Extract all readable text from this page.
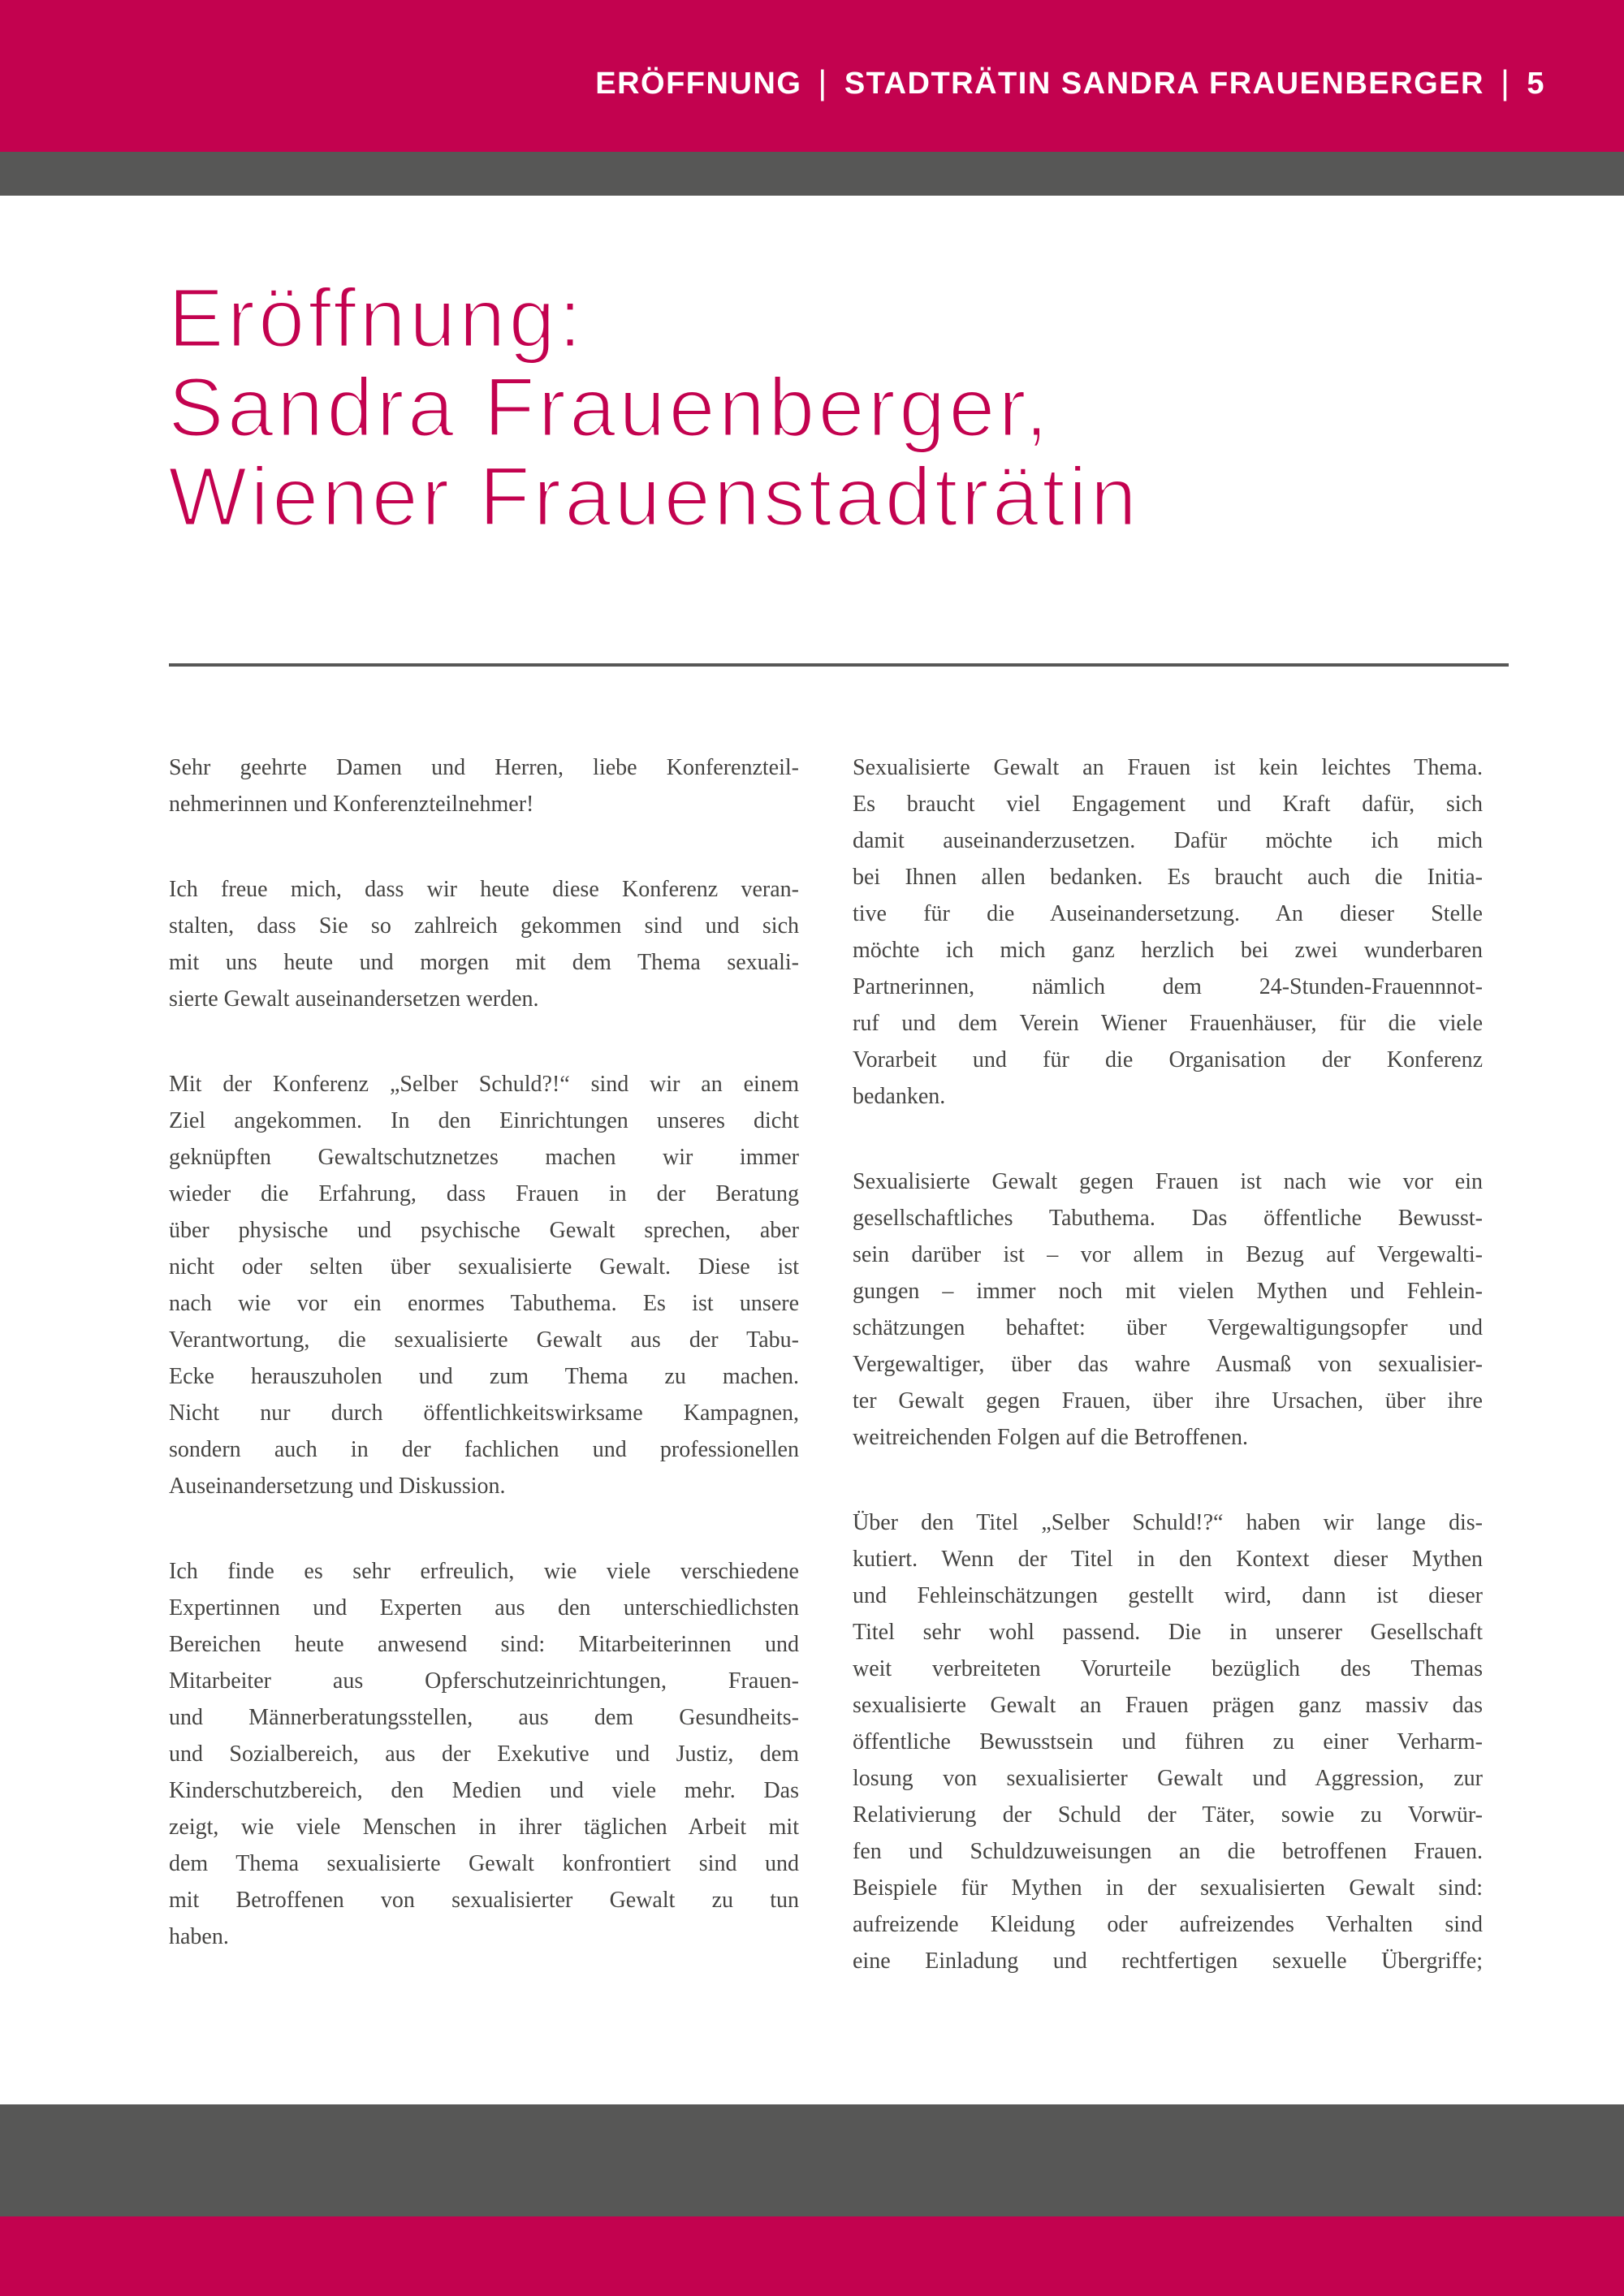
ERÖFFNUNG | STADTRÄTIN SANDRA FRAUENBERGER | 5
Eröffnung:
Sandra Frauenberger,
Wiener Frauenstadträtin

Sehr geehrte Damen und Herren, liebe Konferenzteil-
nehmerinnen und Konferenzteilnehmer!

Ich freue mich, dass wir heute diese Konferenz veran-
stalten, dass Sie so zahlreich gekommen sind und sich
mit uns heute und morgen mit dem Thema sexuali-
sierte Gewalt auseinandersetzen werden.

Mit der Konferenz „Selber Schuld?!“ sind wir an einem
Ziel angekommen. In den Einrichtungen unseres dicht
geknüpften Gewaltschutznetzes machen wir immer
wieder die Erfahrung, dass Frauen in der Beratung
über physische und psychische Gewalt sprechen, aber
nicht oder selten über sexualisierte Gewalt. Diese ist
nach wie vor ein enormes Tabuthema. Es ist unsere
Verantwortung, die sexualisierte Gewalt aus der Tabu-
Ecke herauszuholen und zum Thema zu machen.
Nicht nur durch öffentlichkeitswirksame Kampagnen,
sondern auch in der fachlichen und professionellen
Auseinandersetzung und Diskussion.

Ich finde es sehr erfreulich, wie viele verschiedene
Expertinnen und Experten aus den unterschiedlichsten
Bereichen heute anwesend sind: Mitarbeiterinnen und
Mitarbeiter aus Opferschutzeinrichtungen, Frauen-
und Männerberatungsstellen, aus dem Gesundheits-
und Sozialbereich, aus der Exekutive und Justiz, dem
Kinderschutzbereich, den Medien und viele mehr. Das
zeigt, wie viele Menschen in ihrer täglichen Arbeit mit
dem Thema sexualisierte Gewalt konfrontiert sind und
mit Betroffenen von sexualisierter Gewalt zu tun
haben.

Sexualisierte Gewalt an Frauen ist kein leichtes Thema.
Es braucht viel Engagement und Kraft dafür, sich
damit auseinanderzusetzen. Dafür möchte ich mich
bei Ihnen allen bedanken. Es braucht auch die Initia-
tive für die Auseinandersetzung. An dieser Stelle
möchte ich mich ganz herzlich bei zwei wunderbaren
Partnerinnen, nämlich dem 24-Stunden-Frauennnot-
ruf und dem Verein Wiener Frauenhäuser, für die viele
Vorarbeit und für die Organisation der Konferenz
bedanken.

Sexualisierte Gewalt gegen Frauen ist nach wie vor ein
gesellschaftliches Tabuthema. Das öffentliche Bewusst-
sein darüber ist – vor allem in Bezug auf Vergewalti-
gungen – immer noch mit vielen Mythen und Fehlein-
schätzungen behaftet: über Vergewaltigungsopfer und
Vergewaltiger, über das wahre Ausmaß von sexualisier-
ter Gewalt gegen Frauen, über ihre Ursachen, über ihre
weitreichenden Folgen auf die Betroffenen.

Über den Titel „Selber Schuld!?“ haben wir lange dis-
kutiert. Wenn der Titel in den Kontext dieser Mythen
und Fehleinschätzungen gestellt wird, dann ist dieser
Titel sehr wohl passend. Die in unserer Gesellschaft
weit verbreiteten Vorurteile bezüglich des Themas
sexualisierte Gewalt an Frauen prägen ganz massiv das
öffentliche Bewusstsein und führen zu einer Verharm-
losung von sexualisierter Gewalt und Aggression, zur
Relativierung der Schuld der Täter, sowie zu Vorwür-
fen und Schuldzuweisungen an die betroffenen Frauen.
Beispiele für Mythen in der sexualisierten Gewalt sind:
aufreizende Kleidung oder aufreizendes Verhalten sind
eine Einladung und rechtfertigen sexuelle Übergriffe;
